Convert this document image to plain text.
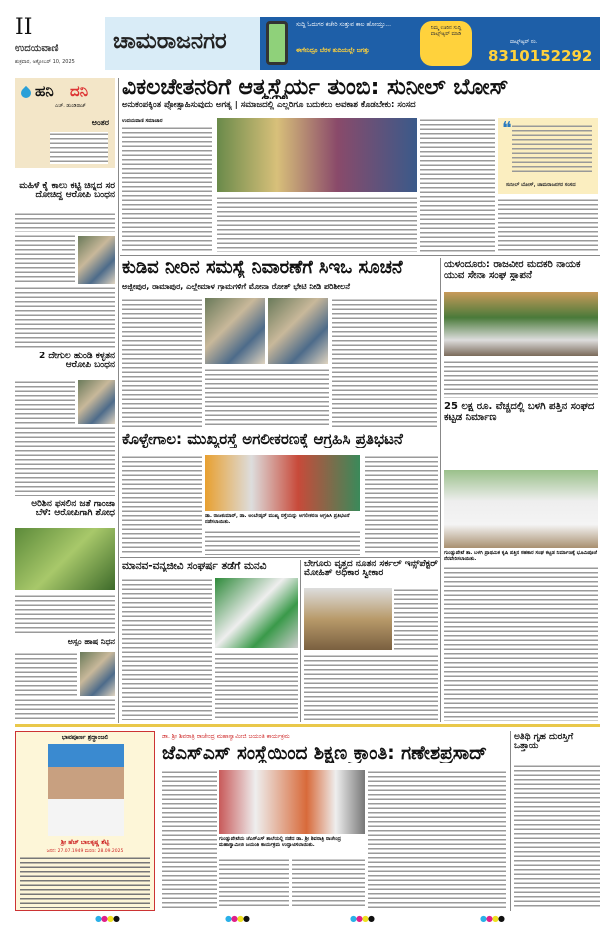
II
ಉದಯವಾಣಿ
ಶುಕ್ರವಾರ, ಅಕ್ಟೋಬರ್ 10, 2025
ಚಾಮರಾಜನಗರ
ಸುದ್ದಿ ಓದುಗರ ಕಚೇರಿ ಸುತ್ತುವ ಕಾಲ ಹೋಯ್ತು...
ಈಗೇನಿದ್ರೂ ಬೆರಳ ತುದಿಯಲ್ಲೇ ಜಗತ್ತು
ನಿಮ್ಮ ಊರಿನ ಸುದ್ದಿ ವಾಟ್ಸ್ಆ್ಯಪ್ ಮಾಡಿ
ವಾಟ್ಸ್ಆ್ಯಪ್ ನಂ.
8310152292
ಹನಿ ದನಿ
ಎಚ್. ಡುಂಡಿರಾಜ್
ಅಂತರ
ಮಹಿಳೆ ಕೈ ಕಾಲು ಕಟ್ಟಿ ಚಿನ್ನದ ಸರ ದೋಚಿದ್ದ ಆರೋಪಿ ಬಂಧನ
2 ದೇಗುಲ ಹುಂಡಿ ಕಳ್ಳತನ ಆರೋಪಿ ಬಂಧನ
ಅರಿಶಿನ ಫಸಲಿನ ಜತೆ ಗಾಂಜಾ ಬೆಳೆ: ಆರೋಪಿಗಾಗಿ ಶೋಧ
ಅಸ್ಸಂ ಹಾಷ ನಿಧನ
ವಿಕಲಚೇತನರಿಗೆ ಆತ್ಮಸ್ಥೈರ್ಯ ತುಂಬಿ: ಸುನೀಲ್ ಬೋಸ್
ಅನುಕಂಪಕ್ಕಿಂತ ಪ್ರೋತ್ಸಾಹಿಸುವುದು ಅಗತ್ಯ | ಸಮಾಜದಲ್ಲಿ ಎಲ್ಲರಿಗೂ ಬದುಕಲು ಅವಕಾಶ ಕೊಡಬೇಕು: ಸಂಸದ
ಉದಯವಾಣಿ ಸಮಾಚಾರ	❝
ಸುನೀಲ್ ಬೋಸ್, ಚಾಮರಾಜನಗರ ಸಂಸದ
ಕುಡಿವ ನೀರಿನ ಸಮಸ್ಯೆ ನಿವಾರಣೆಗೆ ಸಿಇಒ ಸೂಚನೆ
ಅಜ್ಜೀಪುರ, ರಾಮಾಪುರ, ಎಲ್ಲೇಮಾಳ ಗ್ರಾಮಗಳಿಗೆ ಮೋನಾ ರೋತ್ ಭೇಟಿ ನೀಡಿ ಪರಿಶೀಲನೆ
ಯಳಂದೂರು: ರಾಜವೀರ ಮದಕರಿ ನಾಯಕ ಯುವ ಸೇನಾ ಸಂಘ ಸ್ಥಾಪನೆ
ಕೊಳ್ಳೇಗಾಲ: ಮುಖ್ಯರಸ್ತೆ ಅಗಲೀಕರಣಕ್ಕೆ ಆಗ್ರಹಿಸಿ ಪ್ರತಿಭಟನೆ
ಡಾ. ರಾಜಕುಮಾರ್, ಡಾ. ಅಂಬೇಡ್ಕರ್ ಮುಖ್ಯ ರಸ್ತೆಯನ್ನು ಅಗಲೀಕರಣ ಆಗ್ರಹಿಸಿ ಪ್ರತಿಭಟನೆ ನಡೆಸಲಾಯಿತು.
25 ಲಕ್ಷ ರೂ. ವೆಚ್ಚದಲ್ಲಿ ಬಳಗಿ ಪತ್ತಿನ ಸಂಘದ ಕಟ್ಟಡ ನಿರ್ಮಾಣ
ಗುಂಡ್ಲುಪೇಟೆ ತಾ. ಬಳಗಿ ಪ್ರಾಥಮಿಕ ಕೃಷಿ ಪತ್ತಿನ ಸಹಕಾರ ಸಂಘ ಕಟ್ಟಡ ನಿರ್ಮಾಣಕ್ಕೆ ಭೂಮಿಪೂಜೆ ನೆರವೇರಿಸಲಾಯಿತು.
ಮಾನವ-ವನ್ಯಜೀವಿ ಸಂಘರ್ಷ ತಡೆಗೆ ಮನವಿ	ಬೇಗೂರು ವೃತ್ತದ ನೂತನ ಸರ್ಕಲ್ ಇನ್ಸ್‌ಪೆಕ್ಟರ್ ಮೋಹಿತ್ ಅಧಿಕಾರ ಸ್ವೀಕಾರ
ಭಾವಪೂರ್ಣ ಶ್ರದ್ಧಾಂಜಲಿ
ಶ್ರೀ ಹೆಚ್ ಬಾಲಕೃಷ್ಣ ಶೆಟ್ಟಿ
ಜನನ: 27.07.1949 ಮರಣ: 28.09.2025
ಡಾ. ಶ್ರೀ ಶಿವರಾತ್ರಿ ರಾಜೇಂದ್ರ ಮಹಾಸ್ವಾಮೀಜಿ ಜಯಂತಿ ಕಾರ್ಯಕ್ರಮ
ಜೆಎಸ್ಎಸ್ ಸಂಸ್ಥೆಯಿಂದ ಶಿಕ್ಷಣ ಕ್ರಾಂತಿ: ಗಣೇಶಪ್ರಸಾದ್
ಗುಂಡ್ಲುಪೇಟೆಯ ಜೆಎಸ್ಎಸ್ ಶಾಲೆಯಲ್ಲಿ ನಡೆದ ಡಾ. ಶ್ರೀ ಶಿವರಾತ್ರಿ ರಾಜೇಂದ್ರ ಮಹಾಸ್ವಾಮೀಜಿ ಜಯಂತಿ ಕಾರ್ಯಕ್ರಮ ಉದ್ಘಾಟಿಸಲಾಯಿತು.
ಅತಿಥಿ ಗೃಹ ದುರಸ್ತಿಗೆ ಒತ್ತಾಯ
●●●●	●●●●	●●●●	●●●●
